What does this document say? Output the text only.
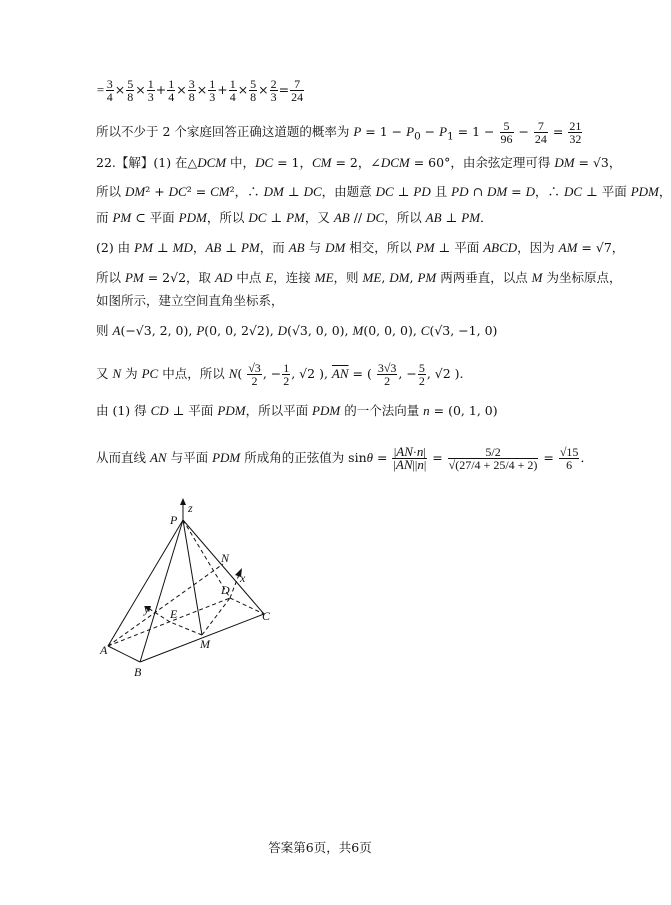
= $\frac{3}{4} \times \frac{5}{8} \times \frac{1}{3} + \frac{1}{4} \times \frac{3}{8} \times \frac{1}{3} + \frac{1}{4} \times \frac{5}{8} \times \frac{2}{3} = \frac{7}{24}$
所以不少于 2 个家庭回答正确这道题的概率为 $P = 1 - P_0 - P_1 = 1 - \frac{5}{96} - \frac{7}{24} = \frac{21}{32}$
22.【解】(1) 在△DCM 中，DC = 1，CM = 2，∠DCM = 60°，由余弦定理可得 DM = √3，
所以 DM² + DC² = CM²，∴ DM ⊥ DC，由题意 DC ⊥ PD 且 PD ∩ DM = D，∴ DC ⊥ 平面 PDM，
而 PM ⊂ 平面 PDM，所以 DC ⊥ PM，又 AB // DC，所以 AB ⊥ PM．
(2) 由 PM ⊥ MD，AB ⊥ PM，而 AB 与 DM 相交，所以 PM ⊥ 平面 ABCD，因为 AM = √7，
所以 PM = 2√2，取 AD 中点 E，连接 ME，则 ME, DM, PM 两两垂直，以点 M 为坐标原点，
如图所示，建立空间直角坐标系，
则 A(−√3, 2, 0), P(0, 0, 2√2), D(√3, 0, 0), M(0, 0, 0), C(√3, −1, 0)
又 N 为 PC 中点，所以 $N( \frac{√3}{2}$ , − $\frac{1}{2}$ , √2 ), $\overline{AN}$ = ( $\frac{3√3}{2}$ , − $\frac{5}{2}$ , √2 ).
由 (1) 得 CD ⊥ 平面 PDM，所以平面 PDM 的一个法向量 n = (0, 1, 0)
从而直线 AN 与平面 PDM 所成角的正弦值为 $\sin\theta = \frac{|AN\cdot n|}{|AN||n|} = \frac{5/2}{√(27/4 + 25/4 + 2)} = \frac{√15}{6}$ ．
P
z
N
x
D
y E	C
A	M
B
答案第6页，共6页
